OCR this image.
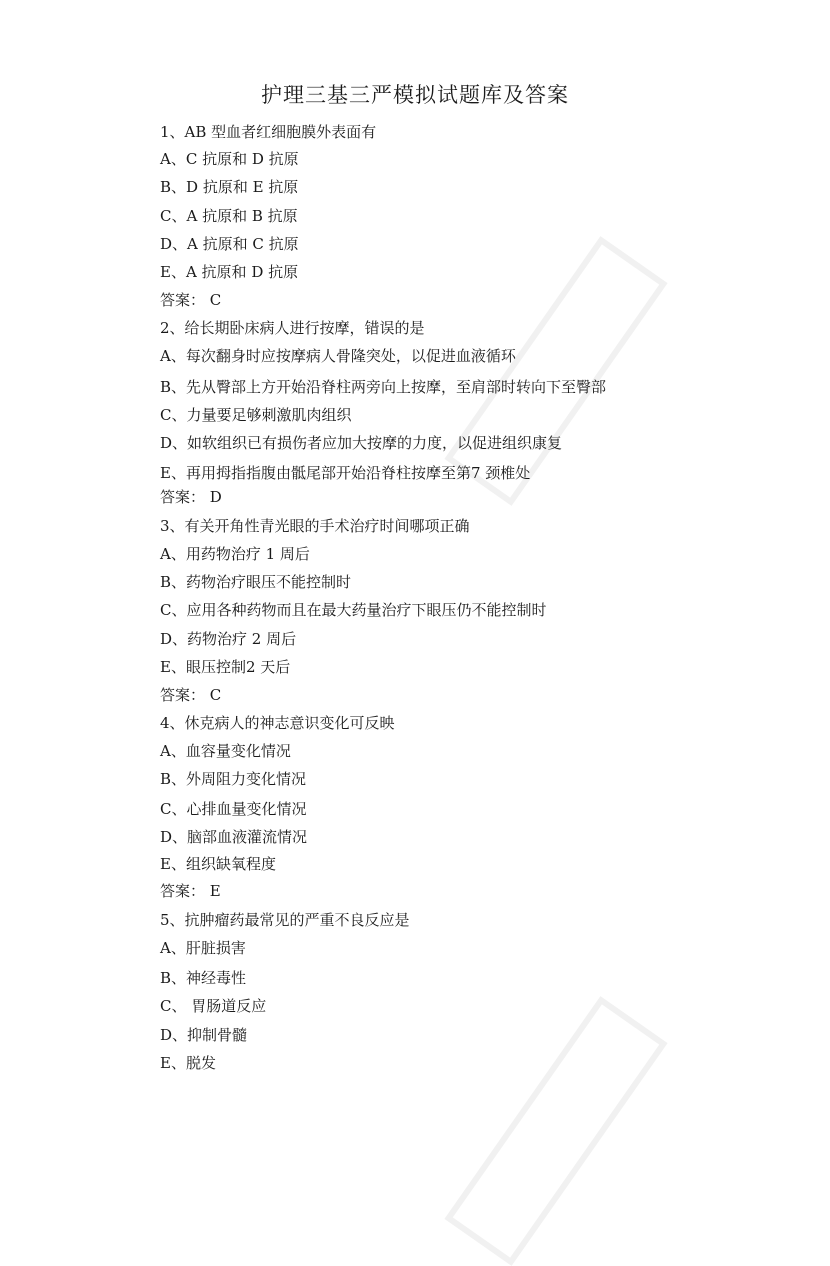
护理三基三严模拟试题库及答案
1、AB 型血者红细胞膜外表面有
A、C 抗原和 D 抗原
B、D 抗原和 E 抗原
C、A 抗原和 B 抗原
D、A 抗原和 C 抗原
E、A 抗原和 D 抗原
答案： C
2、给长期卧床病人进行按摩，错误的是
A、每次翻身时应按摩病人骨隆突处，以促进血液循环
B、先从臀部上方开始沿脊柱两旁向上按摩，至肩部时转向下至臀部
C、力量要足够刺激肌肉组织
D、如软组织已有损伤者应加大按摩的力度，以促进组织康复
E、再用拇指指腹由骶尾部开始沿脊柱按摩至第7 颈椎处
答案： D
3、有关开角性青光眼的手术治疗时间哪项正确
A、用药物治疗 1 周后
B、药物治疗眼压不能控制时
C、应用各种药物而且在最大药量治疗下眼压仍不能控制时
D、药物治疗 2 周后
E、眼压控制2 天后
答案： C
4、休克病人的神志意识变化可反映
A、血容量变化情况
B、外周阻力变化情况
C、心排血量变化情况
D、脑部血液灌流情况
E、组织缺氧程度
答案： E
5、抗肿瘤药最常见的严重不良反应是
A、肝脏损害
B、神经毒性
C、 胃肠道反应
D、抑制骨髓
E、脱发
